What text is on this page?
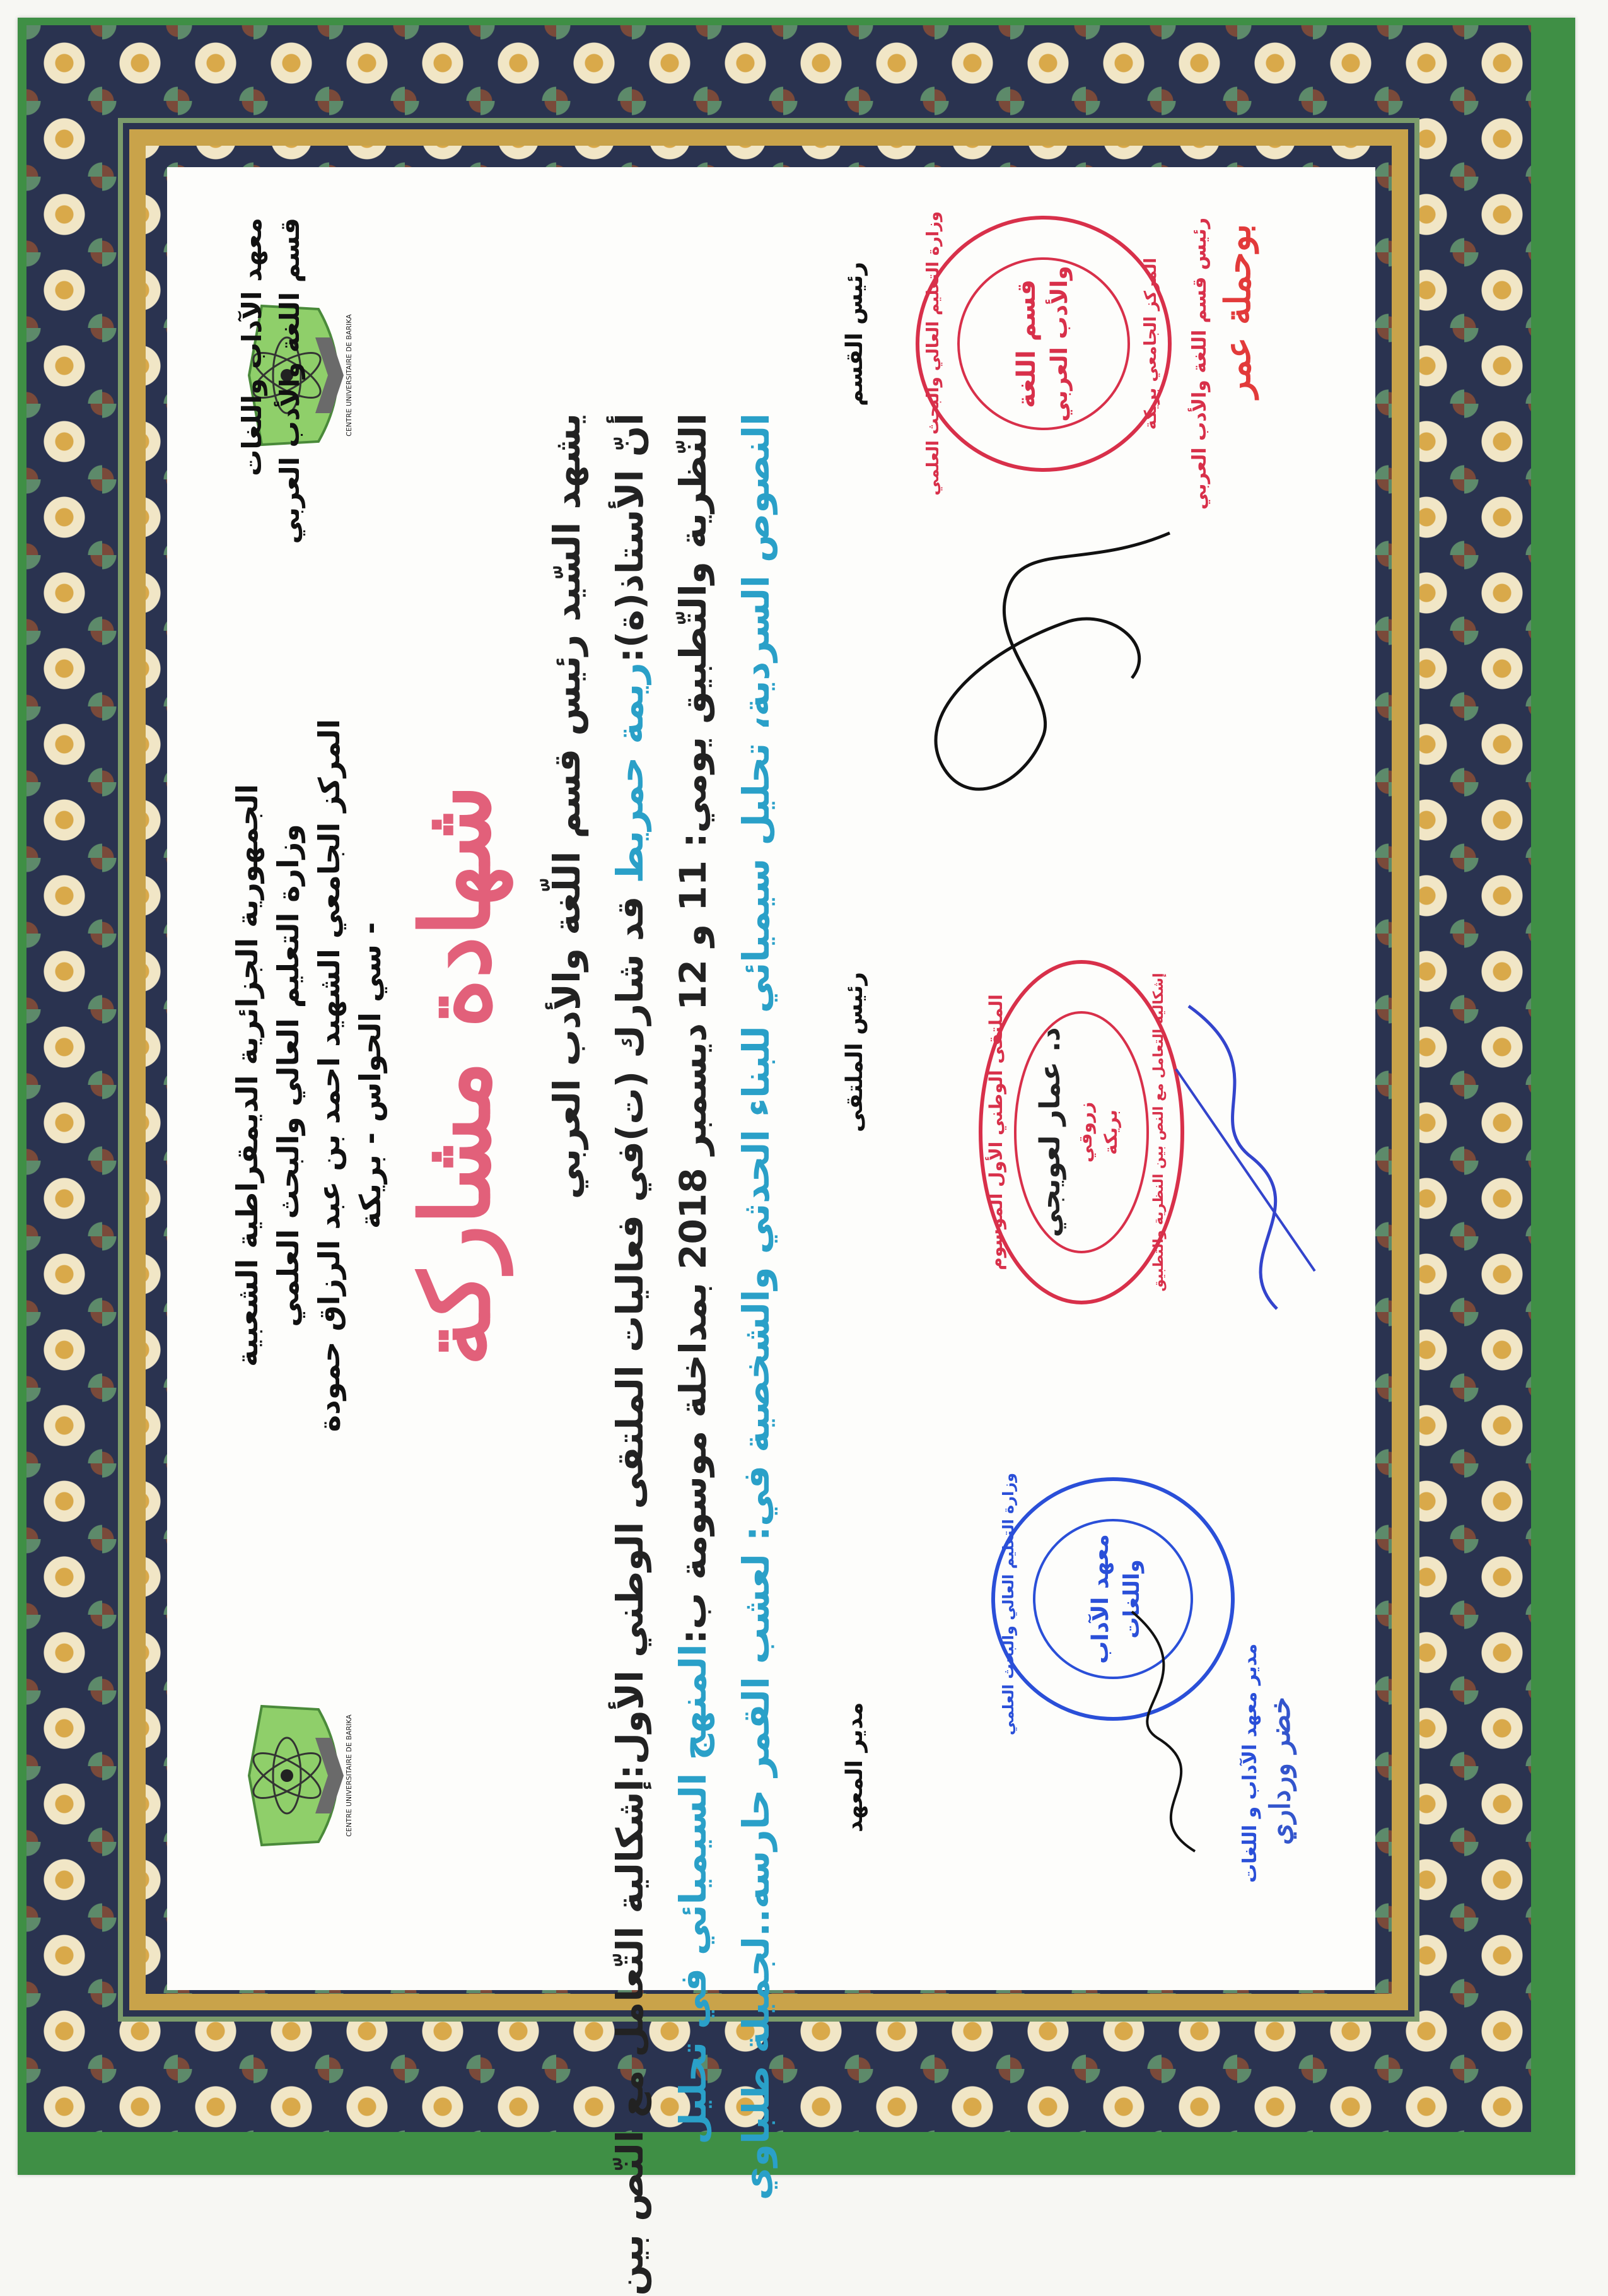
CENTRE UNIVERSITAIRE DE BARIKA
CENTRE UNIVERSITAIRE DE BARIKA
معهد الآداب واللغات قسم اللغة والأدب العربي
الجمهورية الجزائرية الديمقراطية الشعبية وزارة التعليم العالي والبحث العلمي المركز الجامعي الشهيد احمد بن عبد الرزاق حمودة - سي الحواس - بريكة شهادة مشاركة يشهد السّيد رئيس قسم اللّغة والأدب العربي أنّ الأستاذ(ة):ريمة حمريط قد شارك (ت)في فعاليات الملتقى الوطني الأول:إشكالية التّعامل مع النّص بين النّظرية والتّطبيق يومي: 11 و 12 ديسمبر 2018 بمداخلة موسومة ب:المنهج السيميائي في تحليل النصوص السردية، تحليل سيميائي للبناء الحدثي والشخصية في: لعشب القمر حارسه..لجميلة طلباوي
رئيس القسم
رئيس الملتقى
مدير المعهد
وزارة التعليم العالي والبحث العلمي	قسم اللغة والأدب العربي	المركز الجامعي بريكة رئيس قسم اللغة والأدب العربي بوحملة عمر
الملتقى الوطني الأول الموسوم د. عمار لعويجي زروقي بريكة إشكالية التعامل مع النص بين النظرية والتطبيق
وزارة التعليم العالي والبحث العلمي	معهد الآداب واللغات
مدير معهد الآداب و اللغات خضر ورداري
